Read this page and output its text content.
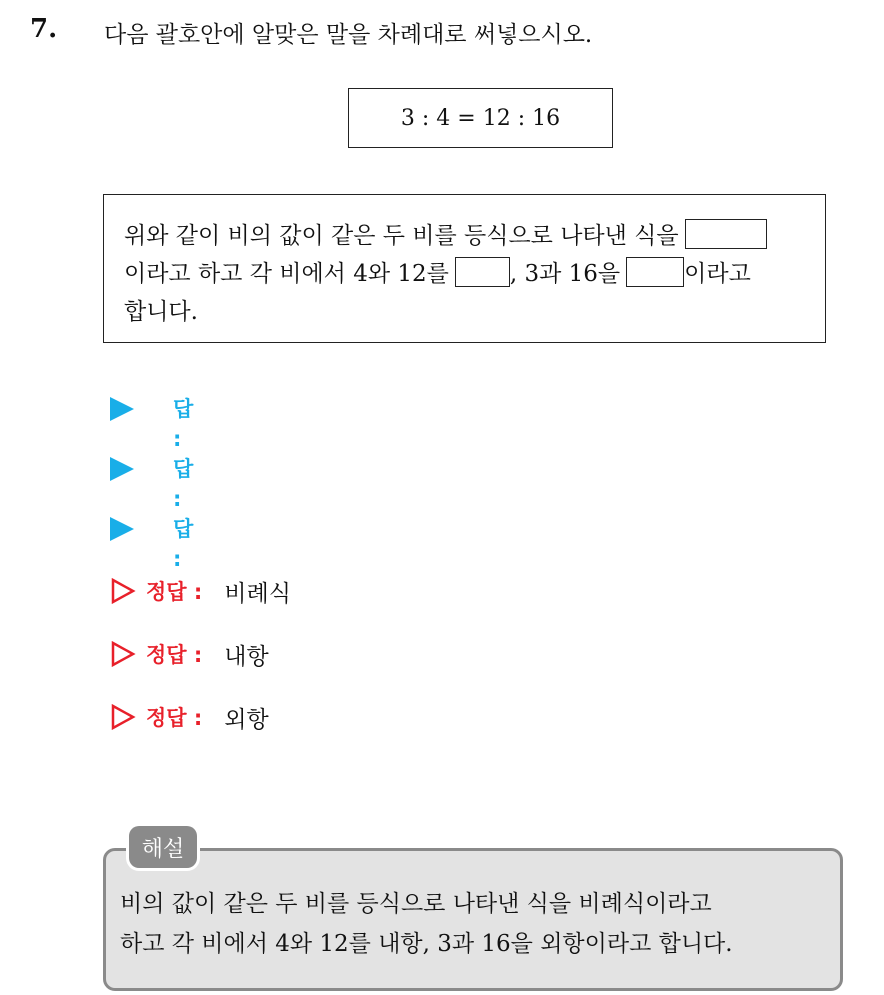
7. 다음 괄호안에 알맞은 말을 차례대로 써넣으시오.
3 : 4 = 12 : 16
위와 같이 비의 값이 같은 두 비를 등식으로 나타낸 식을
이라고 하고 각 비에서 4와 12를	, 3과 16을	이라고
합니다.
답 :
답 :
답 :
정답 : 비례식
정답 : 내항
정답 : 외항
비의 값이 같은 두 비를 등식으로 나타낸 식을 비례식이라고
하고 각 비에서 4와 12를 내항, 3과 16을 외항이라고 합니다.
해설
